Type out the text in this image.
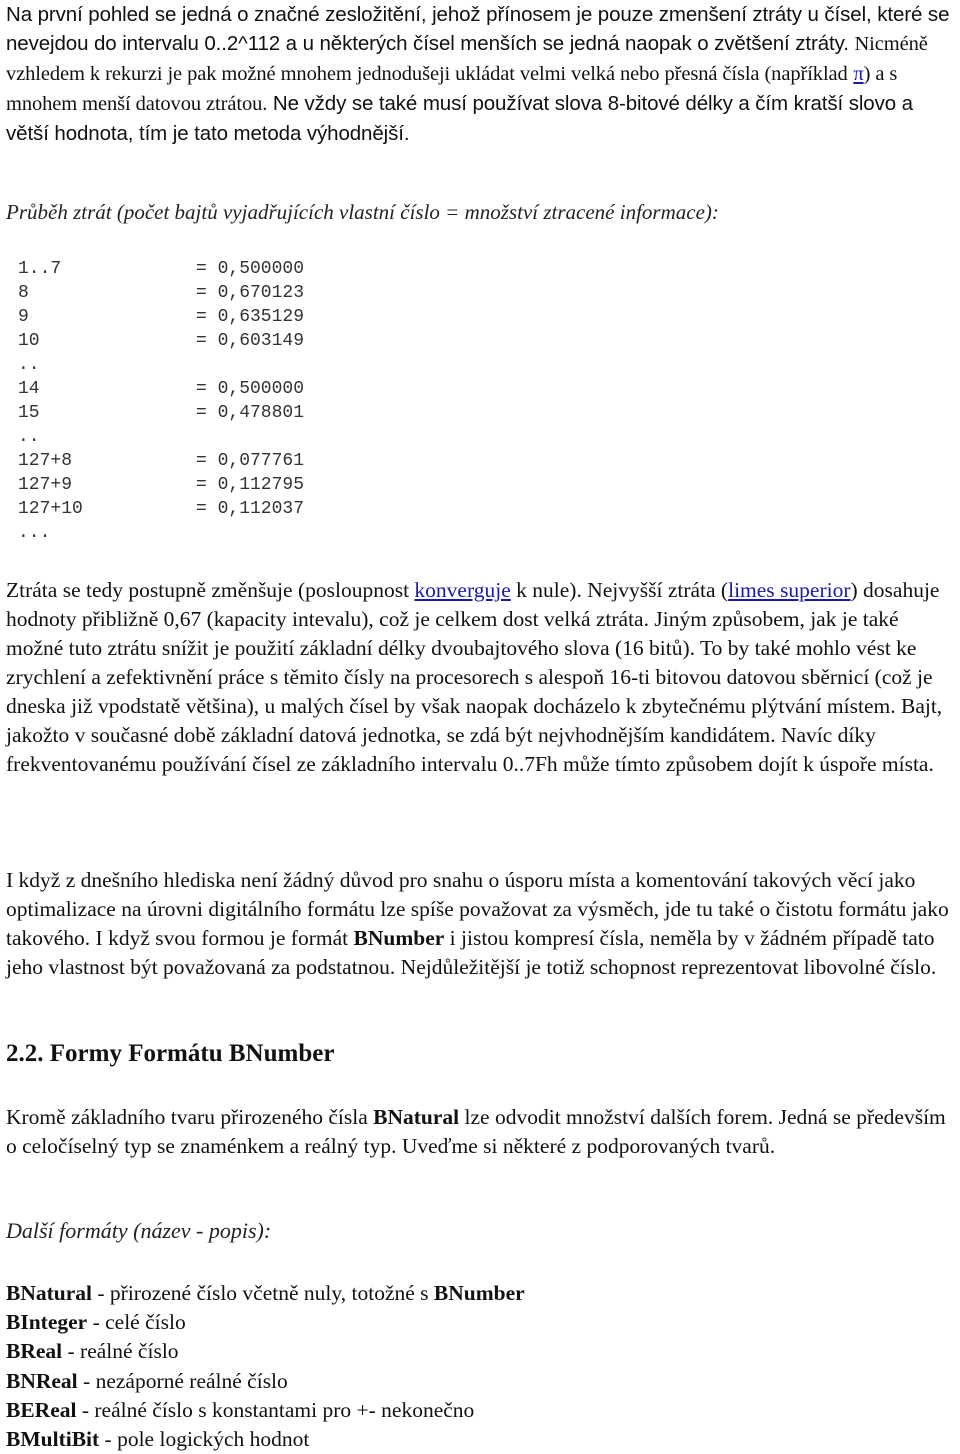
Na první pohled se jedná o značné zesložitění, jehož přínosem je pouze zmenšení ztráty u čísel, které se nevejdou do intervalu 0..2^112 a u některých čísel menších se jedná naopak o zvětšení ztráty. Nicméně vzhledem k rekurzi je pak možné mnohem jednodušeji ukládat velmi velká nebo přesná čísla (například π) a s mnohem menší datovou ztrátou. Ne vždy se také musí používat slova 8-bitové délky a čím kratší slovo a větší hodnota, tím je tato metoda výhodnější.
Průběh ztrát (počet bajtů vyjadřujících vlastní číslo = množství ztracené informace):
1..7	= 0,500000
8	= 0,670123
9	= 0,635129
10	= 0,603149
..
14	= 0,500000
15	= 0,478801
..
127+8	= 0,077761
127+9	= 0,112795
127+10	= 0,112037
...
Ztráta se tedy postupně změnšuje (posloupnost konverguje k nule). Nejvyšší ztráta (limes superior) dosahuje hodnoty přibližně 0,67 (kapacity intevalu), což je celkem dost velká ztráta. Jiným způsobem, jak je také možné tuto ztrátu snížit je použití základní délky dvoubajtového slova (16 bitů). To by také mohlo vést ke zrychlení a zefektivnění práce s těmito čísly na procesorech s alespoň 16-ti bitovou datovou sběrnicí (což je dneska již vpodstatě většina), u malých čísel by však naopak docházelo k zbytečnému plýtvání místem. Bajt, jakožto v současné době základní datová jednotka, se zdá být nejvhodnějším kandidátem. Navíc díky frekventovanému používání čísel ze základního intervalu 0..7Fh může tímto způsobem dojít k úspoře místa.
I když z dnešního hlediska není žádný důvod pro snahu o úsporu místa a komentování takových věcí jako optimalizace na úrovni digitálního formátu lze spíše považovat za výsměch, jde tu také o čistotu formátu jako takového. I když svou formou je formát BNumber i jistou kompresí čísla, neměla by v žádném případě tato jeho vlastnost být považovaná za podstatnou. Nejdůležitější je totiž schopnost reprezentovat libovolné číslo.
2.2. Formy Formátu BNumber
Kromě základního tvaru přirozeného čísla BNatural lze odvodit množství dalších forem. Jedná se především o celočíselný typ se znaménkem a reálný typ. Uveďme si některé z podporovaných tvarů.
Další formáty (název - popis):
BNatural - přirozené číslo včetně nuly, totožné s BNumber
BInteger - celé číslo
BReal - reálné číslo
BNReal - nezáporné reálné číslo
BEReal - reálné číslo s konstantami pro +- nekonečno
BMultiBit - pole logických hodnot
